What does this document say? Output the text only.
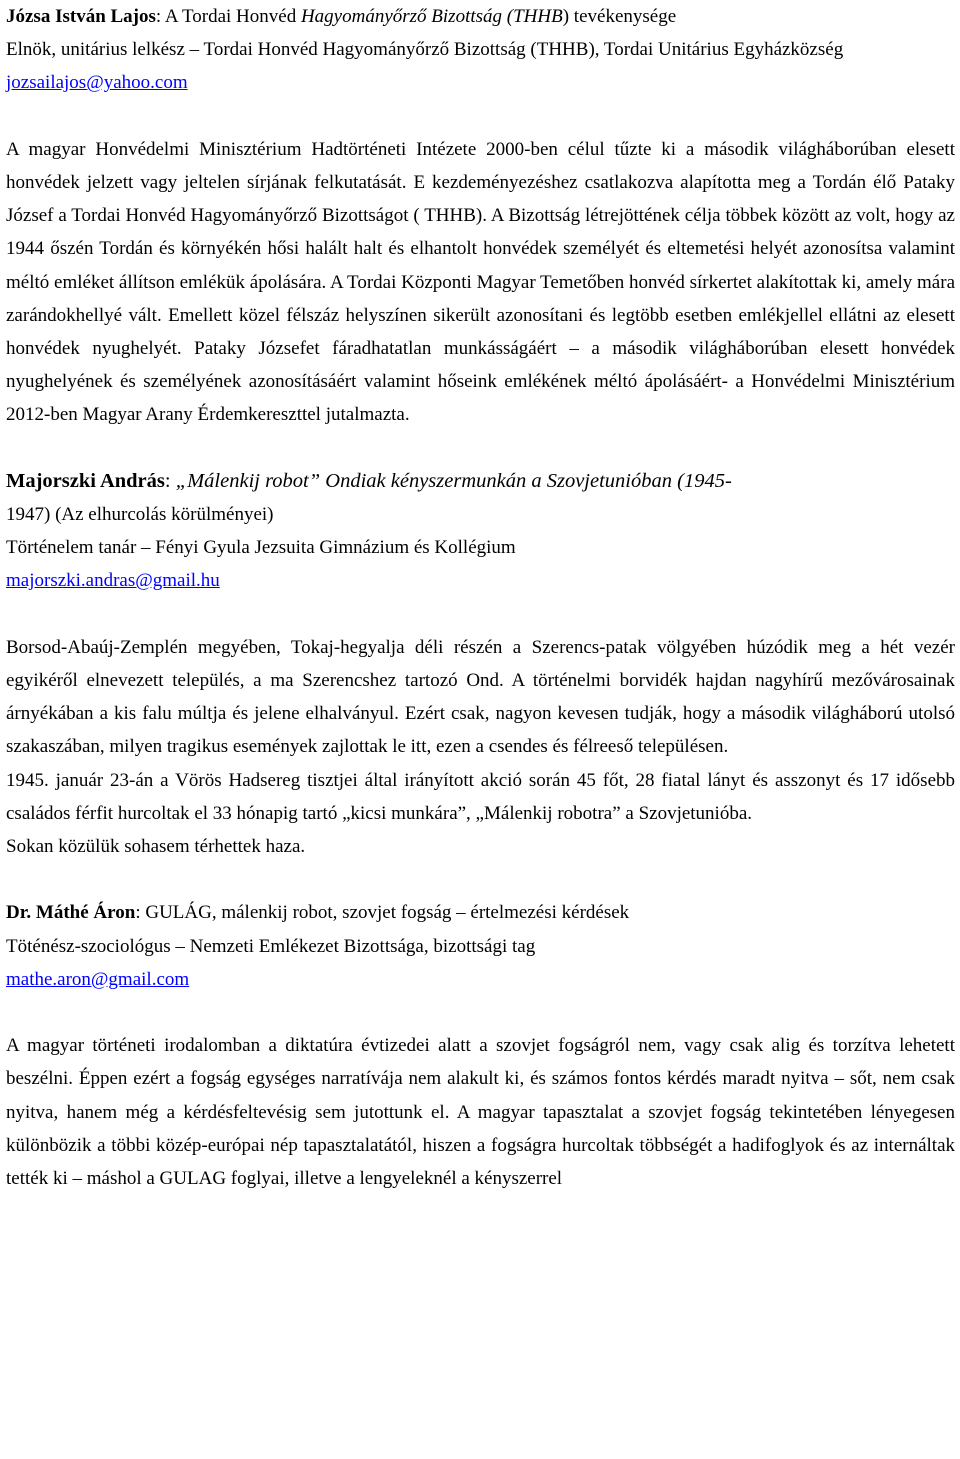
Józsa István Lajos: A Tordai Honvéd Hagyományőrző Bizottság (THHB) tevékenysége

Elnök, unitárius lelkész – Tordai Honvéd Hagyományőrző Bizottság (THHB), Tordai Unitárius Egyházközség

jozsailajos@yahoo.com

A magyar Honvédelmi Minisztérium Hadtörténeti Intézete 2000-ben célul tűzte ki a második világháborúban elesett honvédek jelzett vagy jeltelen sírjának felkutatását. E kezdeményezéshez csatlakozva alapította meg a Tordán élő Pataky József a Tordai Honvéd Hagyományőrző Bizottságot ( THHB). A Bizottság létrejöttének célja többek között az volt, hogy az 1944 őszén Tordán és környékén hősi halált halt és elhantolt honvédek személyét és eltemetési helyét azonosítsa valamint méltó emléket állítson emlékük ápolására. A Tordai Központi Magyar Temetőben honvéd sírkertet alakítottak ki, amely mára zarándokhellyé vált. Emellett közel félszáz helyszínen sikerült azonosítani és legtöbb esetben emlékjellel ellátni az elesett honvédek nyughelyét. Pataky Józsefet fáradhatatlan munkásságáért – a második világháborúban elesett honvédek nyughelyének és személyének azonosításáért valamint hőseink emlékének méltó ápolásáért- a Honvédelmi Minisztérium 2012-ben Magyar Arany Érdemkereszttel jutalmazta.

Majorszki András: „Málenkij robot” Ondiak kényszermunkán a Szovjetunióban (1945-

1947) (Az elhurcolás körülményei)

Történelem tanár – Fényi Gyula Jezsuita Gimnázium és Kollégium

majorszki.andras@gmail.hu

Borsod-Abaúj-Zemplén megyében, Tokaj-hegyalja déli részén a Szerencs-patak völgyében húzódik meg a hét vezér egyikéről elnevezett település, a ma Szerencshez tartozó Ond. A történelmi borvidék hajdan nagyhírű mezővárosainak árnyékában a kis falu múltja és jelene elhalványul. Ezért csak, nagyon kevesen tudják, hogy a második világháború utolsó szakaszában, milyen tragikus események zajlottak le itt, ezen a csendes és félreeső településen.

1945. január 23-án a Vörös Hadsereg tisztjei által irányított akció során 45 főt, 28 fiatal lányt és asszonyt és 17 idősebb családos férfit hurcoltak el 33 hónapig tartó „kicsi munkára”, „Málenkij robotra” a Szovjetunióba.

Sokan közülük sohasem térhettek haza.

Dr. Máthé Áron: GULÁG, málenkij robot, szovjet fogság – értelmezési kérdések

Töténész-szociológus – Nemzeti Emlékezet Bizottsága, bizottsági tag

mathe.aron@gmail.com

A magyar történeti irodalomban a diktatúra évtizedei alatt a szovjet fogságról nem, vagy csak alig és torzítva lehetett beszélni. Éppen ezért a fogság egységes narratívája nem alakult ki, és számos fontos kérdés maradt nyitva – sőt, nem csak nyitva, hanem még a kérdésfeltevésig sem jutottunk el. A magyar tapasztalat a szovjet fogság tekintetében lényegesen különbözik a többi közép-európai nép tapasztalatától, hiszen a fogságra hurcoltak többségét a hadifoglyok és az internáltak tették ki – máshol a GULAG foglyai, illetve a lengyeleknél a kényszerrel
